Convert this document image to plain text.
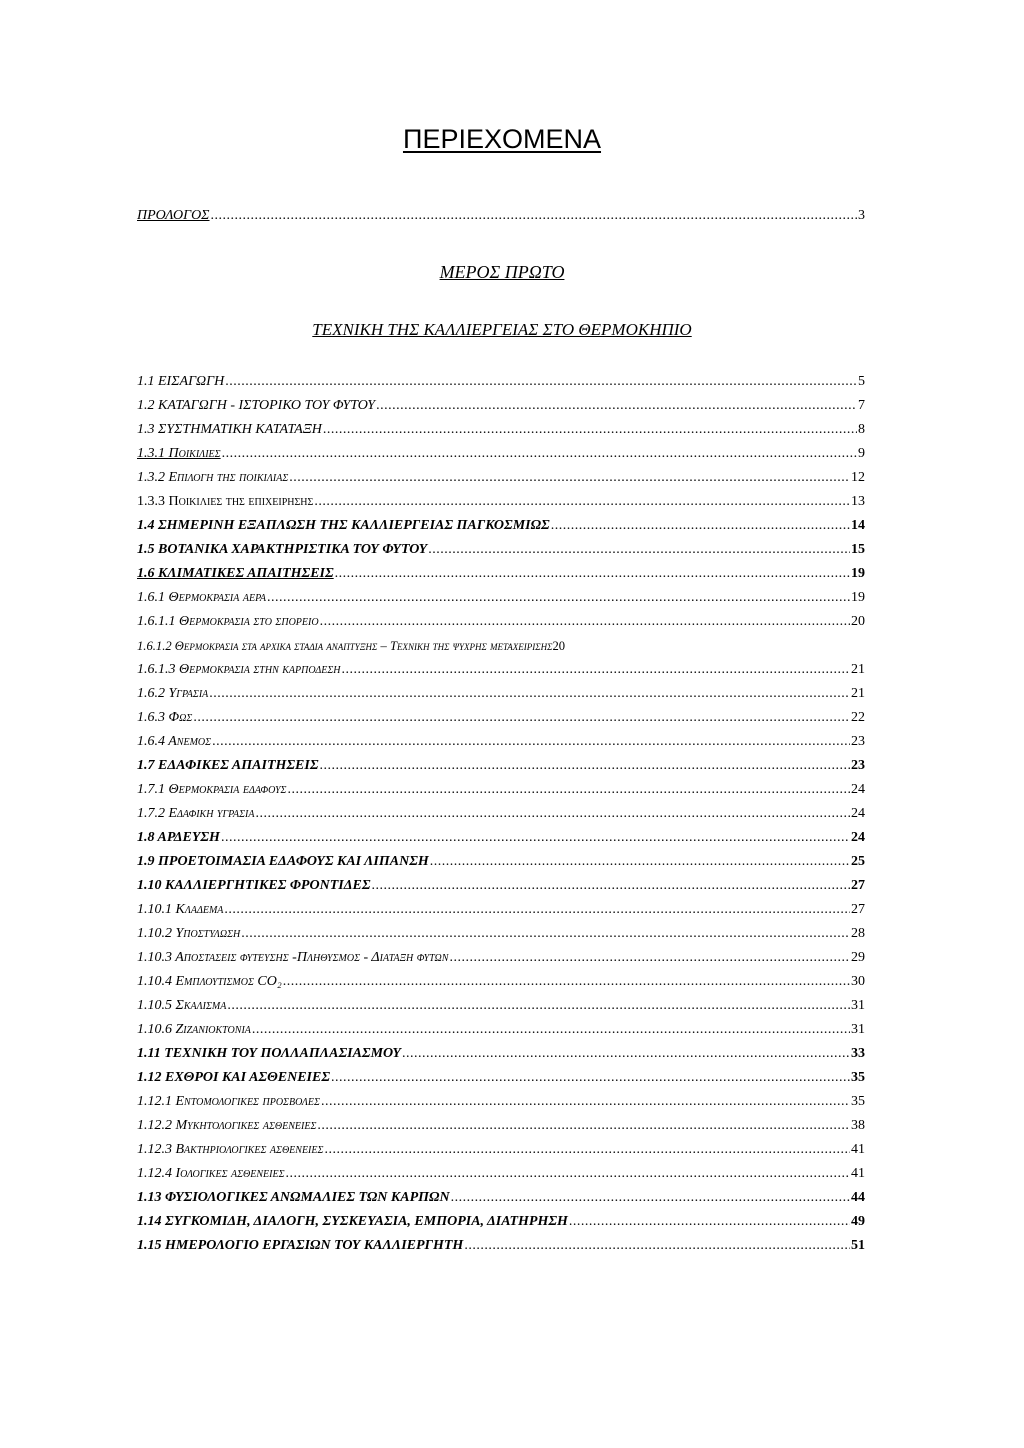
ΠΕΡΙΕΧΟΜΕΝΑ
ΠΡΟΛΟΓΟΣ .....	3
ΜΕΡΟΣ ΠΡΩΤΟ
ΤΕΧΝΙΚΗ ΤΗΣ ΚΑΛΛΙΕΡΓΕΙΑΣ ΣΤΟ ΘΕΡΜΟΚΗΠΙΟ
1.1 ΕΙΣΑΓΩΓΗ .....	5
1.2 ΚΑΤΑΓΩΓΗ - ΙΣΤΟΡΙΚΟ ΤΟΥ ΦΥΤΟΥ .....	7
1.3 ΣΥΣΤΗΜΑΤΙΚΗ ΚΑΤΑΤΑΞΗ .....	8
1.3.1 Ποικιλιες .....	9
1.3.2 Επιλογη της ποικιλιας .....	12
1.3.3 Ποικιλιες της επιχειρησης .....	13
1.4 ΣΗΜΕΡΙΝΗ ΕΞΑΠΛΩΣΗ ΤΗΣ ΚΑΛΛΙΕΡΓΕΙΑΣ ΠΑΓΚΟΣΜΙΩΣ .....	14
1.5 ΒΟΤΑΝΙΚΑ ΧΑΡΑΚΤΗΡΙΣΤΙΚΑ ΤΟΥ ΦΥΤΟΥ .....	15
1.6 ΚΛΙΜΑΤΙΚΕΣ ΑΠΑΙΤΗΣΕΙΣ .....	19
1.6.1 Θερμοκρασια αερα .....	19
1.6.1.1 Θερμοκρασια στο σπορειο .....	20
1.6.1.2 Θερμοκρασια στα αρχικα σταδια αναπτυξης – Τεχνικη της ψυχρης μεταχειρισης 20
1.6.1.3 Θερμοκρασια στην καρποδεση .....	21
1.6.2 Υγρασια .....	21
1.6.3 Φως .....	22
1.6.4 Ανεμος .....	23
1.7 ΕΔΑΦΙΚΕΣ ΑΠΑΙΤΗΣΕΙΣ .....	23
1.7.1 Θερμοκρασια εδαφους .....	24
1.7.2 Εδαφικη υγρασια .....	24
1.8 ΑΡΔΕΥΣΗ .....	24
1.9 ΠΡΟΕΤΟΙΜΑΣΙΑ ΕΔΑΦΟΥΣ ΚΑΙ ΛΙΠΑΝΣΗ .....	25
1.10 ΚΑΛΛΙΕΡΓΗΤΙΚΕΣ ΦΡΟΝΤΙΔΕΣ .....	27
1.10.1 Κλαδεμα .....	27
1.10.2 Υποστυλωση .....	28
1.10.3 Αποστασεις φυτευσης -Πληθυσμος - Διαταξη φυτων .....	29
1.10.4 Εμπλουτισμος CO₂ .....	30
1.10.5 Σκαλισμα .....	31
1.10.6 Ζιζανιοκτονια .....	31
1.11 ΤΕΧΝΙΚΗ ΤΟΥ ΠΟΛΛΑΠΛΑΣΙΑΣΜΟΥ .....	33
1.12 ΕΧΘΡΟΙ ΚΑΙ ΑΣΘΕΝΕΙΕΣ .....	35
1.12.1 Εντομολογικες προσβολες .....	35
1.12.2 Μυκητολογικες ασθενειες .....	38
1.12.3 Βακτηριολογικες ασθενειες .....	41
1.12.4 Ιολογικες ασθενειες .....	41
1.13 ΦΥΣΙΟΛΟΓΙΚΕΣ ΑΝΩΜΑΛΙΕΣ ΤΩΝ ΚΑΡΠΩΝ .....	44
1.14 ΣΥΓΚΟΜΙΔΗ, ΔΙΑΛΟΓΗ, ΣΥΣΚΕΥΑΣΙΑ, ΕΜΠΟΡΙΑ, ΔΙΑΤΗΡΗΣΗ .....	49
1.15 ΗΜΕΡΟΛΟΓΙΟ ΕΡΓΑΣΙΩΝ ΤΟΥ ΚΑΛΛΙΕΡΓΗΤΗ .....	51
